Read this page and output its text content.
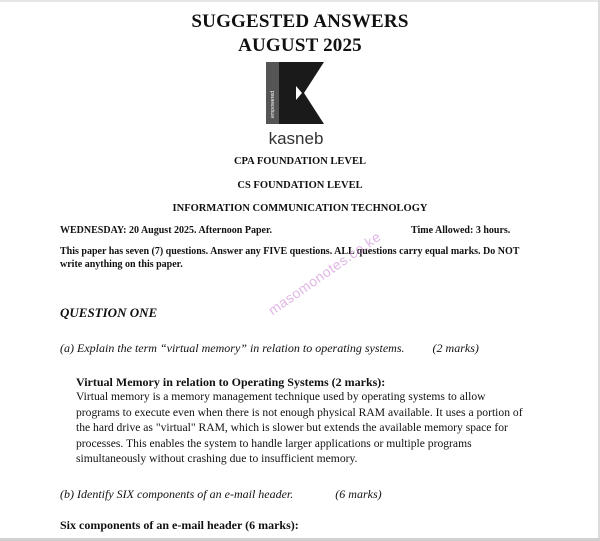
SUGGESTED ANSWERS
AUGUST 2025
empowered
kasneb
CPA FOUNDATION LEVEL
CS FOUNDATION LEVEL
INFORMATION COMMUNICATION TECHNOLOGY
WEDNESDAY: 20 August 2025. Afternoon Paper.	Time Allowed: 3 hours.
This paper has seven (7) questions. Answer any FIVE questions. ALL questions carry equal marks. Do NOT write anything on this paper.
QUESTION ONE
(a) Explain the term “virtual memory” in relation to operating systems. (2 marks)
Virtual Memory in relation to Operating Systems (2 marks):
Virtual memory is a memory management technique used by operating systems to allow programs to execute even when there is not enough physical RAM available. It uses a portion of the hard drive as "virtual" RAM, which is slower but extends the available memory space for processes. This enables the system to handle larger applications or multiple programs simultaneously without crashing due to insufficient memory.
(b) Identify SIX components of an e-mail header.	(6 marks)
Six components of an e-mail header (6 marks):
masomonotes.co.ke
